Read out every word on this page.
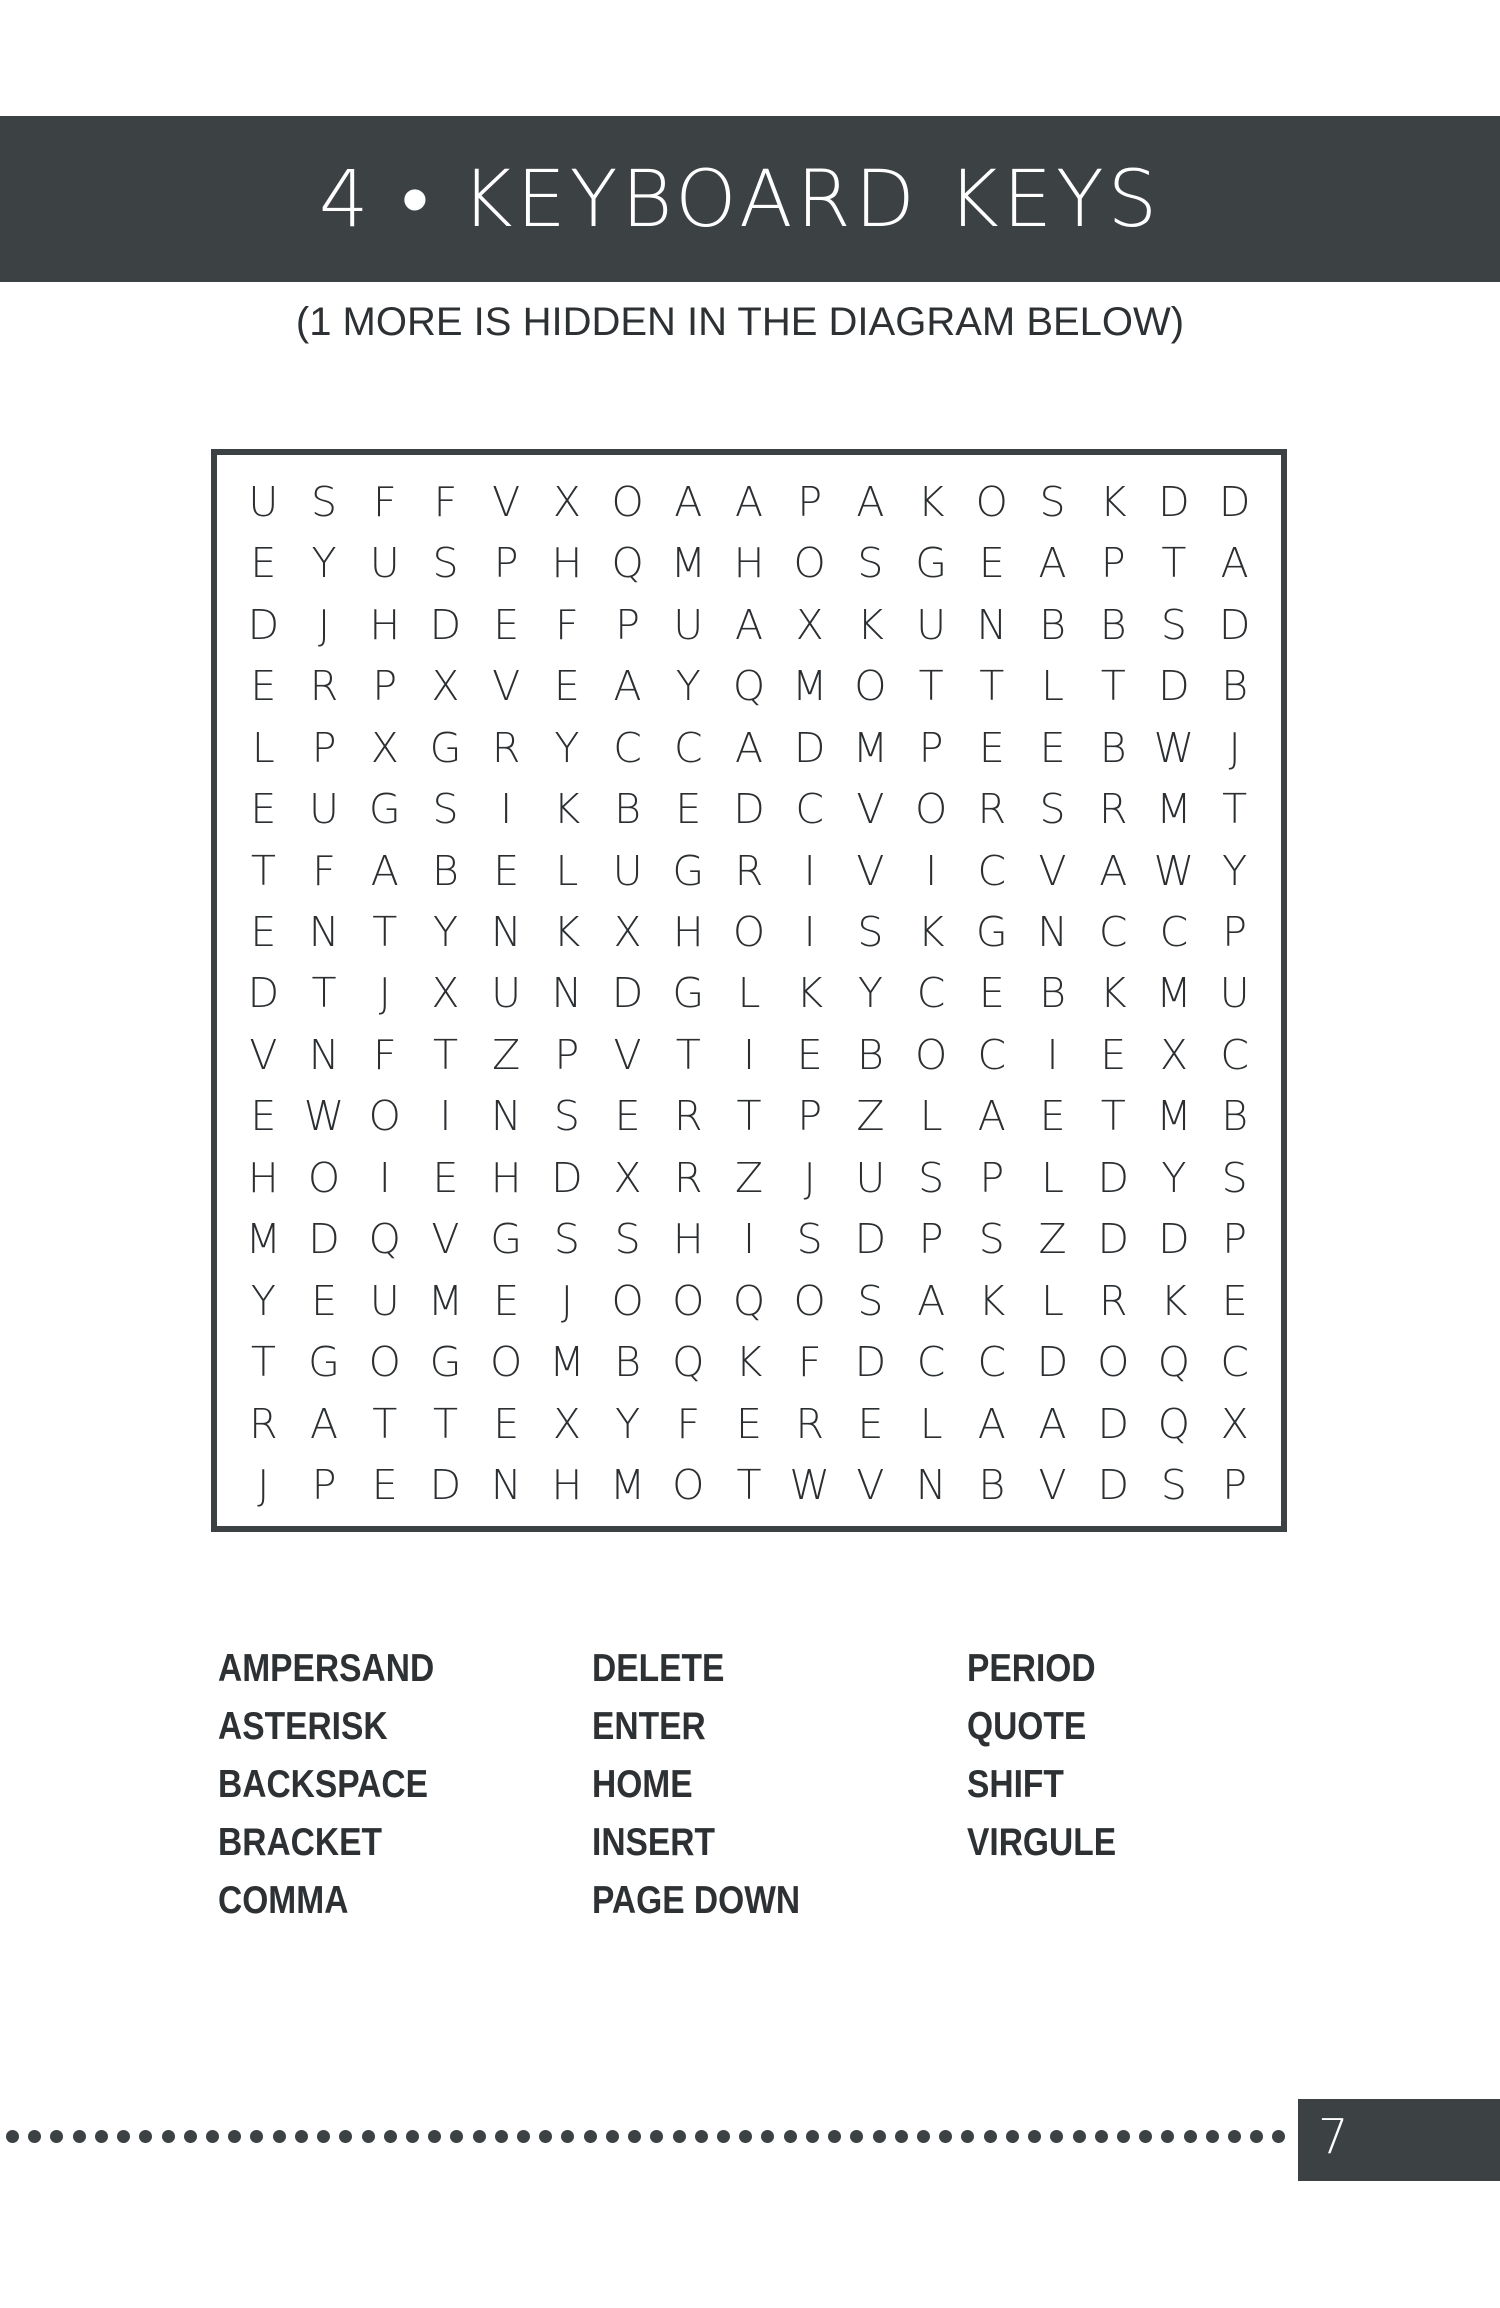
4 • KEYBOARD KEYS
(1 MORE IS HIDDEN IN THE DIAGRAM BELOW)
U S F F V X O A A P A K O S K D D
E Y U S P H Q M H O S G E A P T A
D J H D E F P U A X K U N B B S D
E R P X V E A Y Q M O T T L T D B
L P X G R Y C C A D M P E E B W J
E U G S	I	K B E D C V O R S R M T
T F A B E L U G R I V I C V A W Y
E N T Y N K X H O I	S K G N C C P
D T	J X U N D G L K Y C E B K M U
V N F T Z P V T	I	E B O C I	E X C
E W O I N S E R T P Z L A E T M B
H O I	E H D X R Z J U S P L D Y S
M D Q V G S S H I	S D P S Z D D P
Y E U M E	J O O Q O S A K L R K E
T G O G O M B Q K F D C C D O Q C
R A T T E X Y F E R E L A A D Q X
J	P E D N H M O T W V N B V D S P
AMPERSAND
ASTERISK
BACKSPACE
BRACKET
COMMA
DELETE
ENTER
HOME
INSERT
PAGE DOWN
PERIOD
QUOTE
SHIFT
VIRGULE
7
